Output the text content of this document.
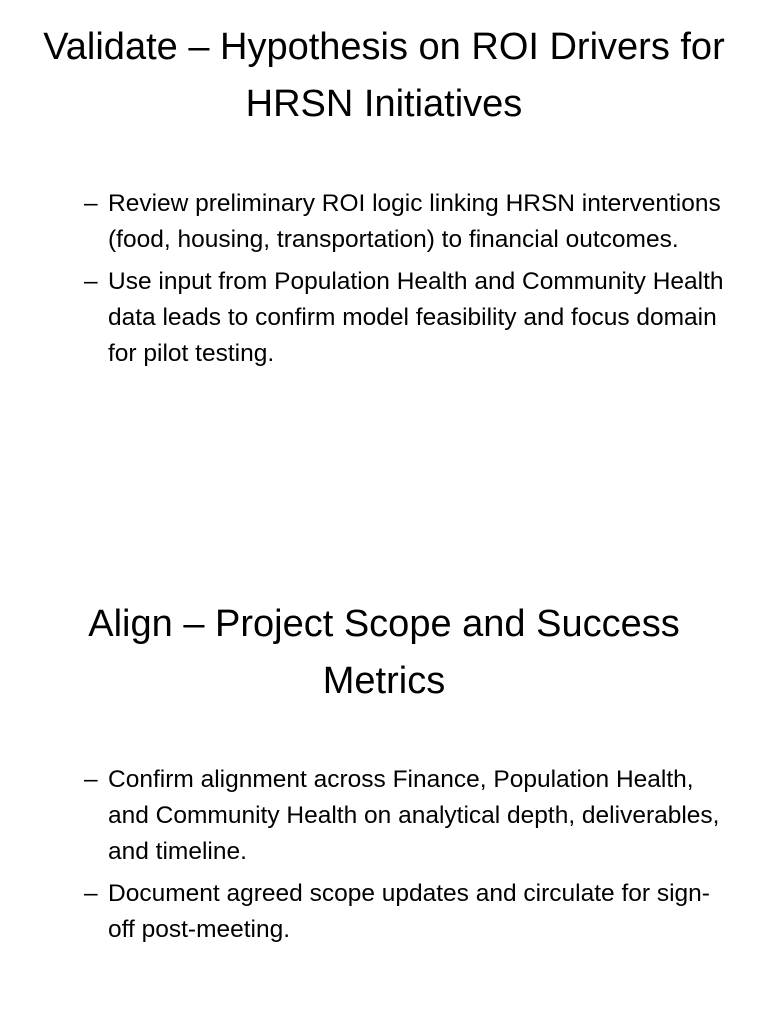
Validate – Hypothesis on ROI Drivers for HRSN Initiatives
– Review preliminary ROI logic linking HRSN interventions (food, housing, transportation) to financial outcomes.
– Use input from Population Health and Community Health data leads to confirm model feasibility and focus domain for pilot testing.
Align – Project Scope and Success Metrics
– Confirm alignment across Finance, Population Health, and Community Health on analytical depth, deliverables, and timeline.
– Document agreed scope updates and circulate for sign-off post-meeting.
